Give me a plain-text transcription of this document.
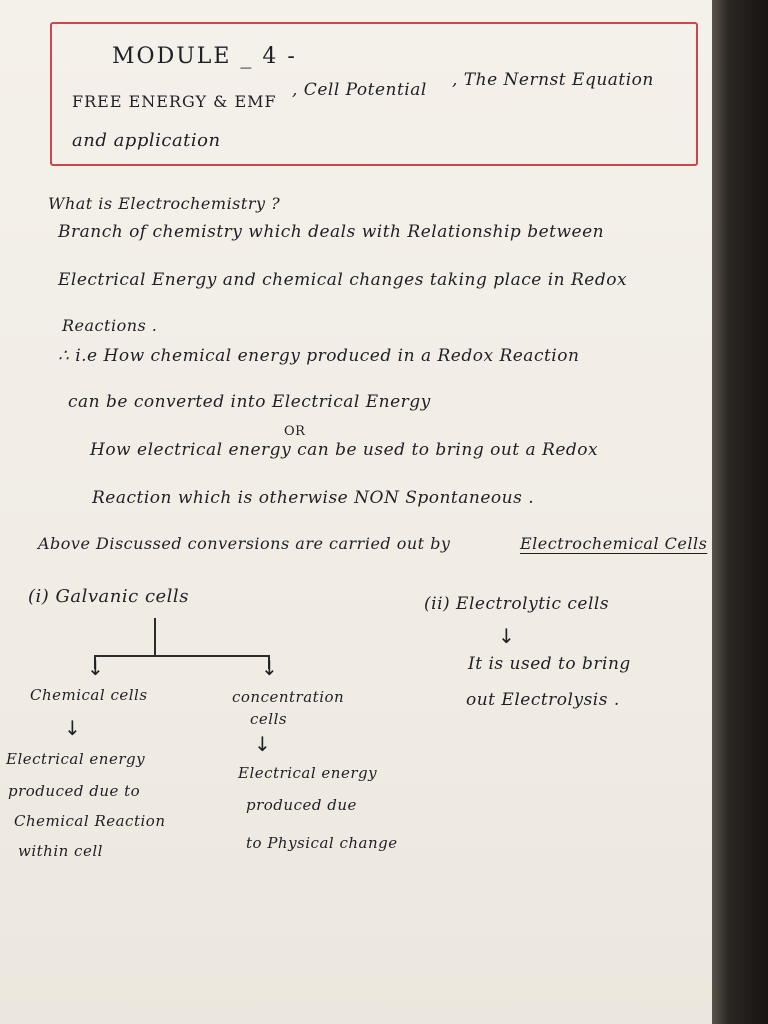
MODULE _ 4 -
FREE ENERGY & EMF
, Cell Potential , The Nernst Equation
and application
What is Electrochemistry ?
Branch of chemistry which deals with Relationship between
Electrical Energy and chemical changes taking place in Redox
Reactions .
∴ i.e How chemical energy produced in a Redox Reaction
can be converted into Electrical Energy
OR
How electrical energy can be used to bring out a Redox
Reaction which is otherwise NON Spontaneous .
Above Discussed conversions are carried out by	Electrochemical Cells
(i) Galvanic cells
↓	↓
Chemical cells	concentration
cells
↓
↓
Electrical energy
produced due to
Chemical Reaction
within cell
Electrical energy
produced due
to Physical change
(ii) Electrolytic cells
↓
It is used to bring
out Electrolysis .
